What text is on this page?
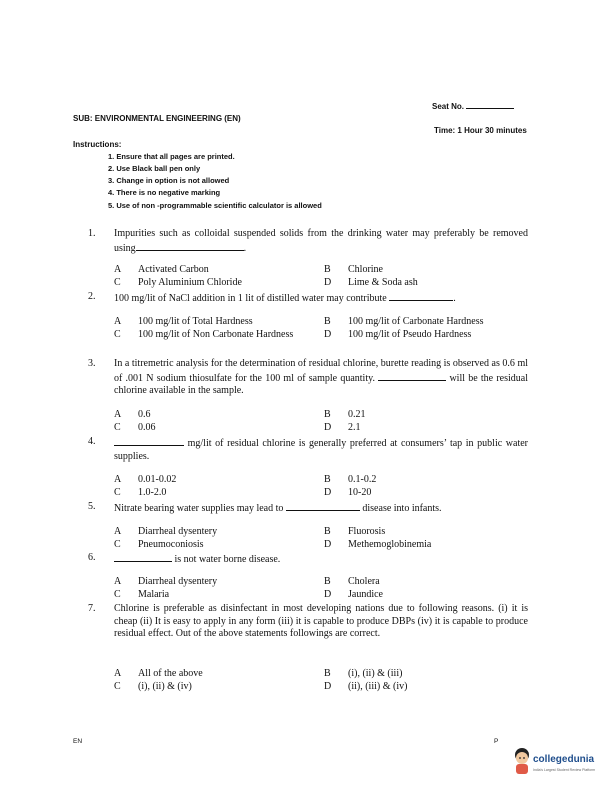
Seat No.
SUB: ENVIRONMENTAL ENGINEERING (EN)
Time: 1 Hour 30 minutes
Instructions:
1. Ensure that all pages are printed.
2. Use Black ball pen only
3. Change in option is not allowed
4. There is no negative marking
5. Use of non -programmable scientific calculator is allowed
1.	Impurities such as colloidal suspended solids from the drinking water may preferably be removed using	.
A Activated Carbon	B Chlorine
C Poly Aluminium Chloride	D Lime & Soda ash
2.	100 mg/lit of NaCl addition in 1 lit of distilled water may contribute	.
A 100 mg/lit of Total Hardness	B 100 mg/lit of Carbonate Hardness
C 100 mg/lit of Non Carbonate Hardness	D 100 mg/lit of Pseudo Hardness
3.	In a titremetric analysis for the determination of residual chlorine, burette reading is observed as 0.6 ml of .001 N sodium thiosulfate for the 100 ml of sample quantity.	will be the residual chlorine available in the sample.
A 0.6	B 0.21
C 0.06	D 2.1
4.	mg/lit of residual chlorine is generally preferred at consumers’ tap in public water supplies.
A 0.01-0.02	B 0.1-0.2
C 1.0-2.0	D 10-20
5.	Nitrate bearing water supplies may lead to	disease into infants.
A Diarrheal dysentery	B Fluorosis
C Pneumoconiosis	D Methemoglobinemia
6.	is not water borne disease.
A Diarrheal dysentery	B Cholera
C Malaria	D Jaundice
7.	Chlorine is preferable as disinfectant in most developing nations due to following reasons. (i) it is cheap (ii) It is easy to apply in any form (iii) it is capable to produce DBPs (iv) it is capable to produce residual effect. Out of the above statements followings are correct.
A All of the above	B (i), (ii) & (iii)
C (i), (ii) & (iv)	D (ii), (iii) & (iv)
EN	P
collegedunia
India's Largest Student Review Platform
